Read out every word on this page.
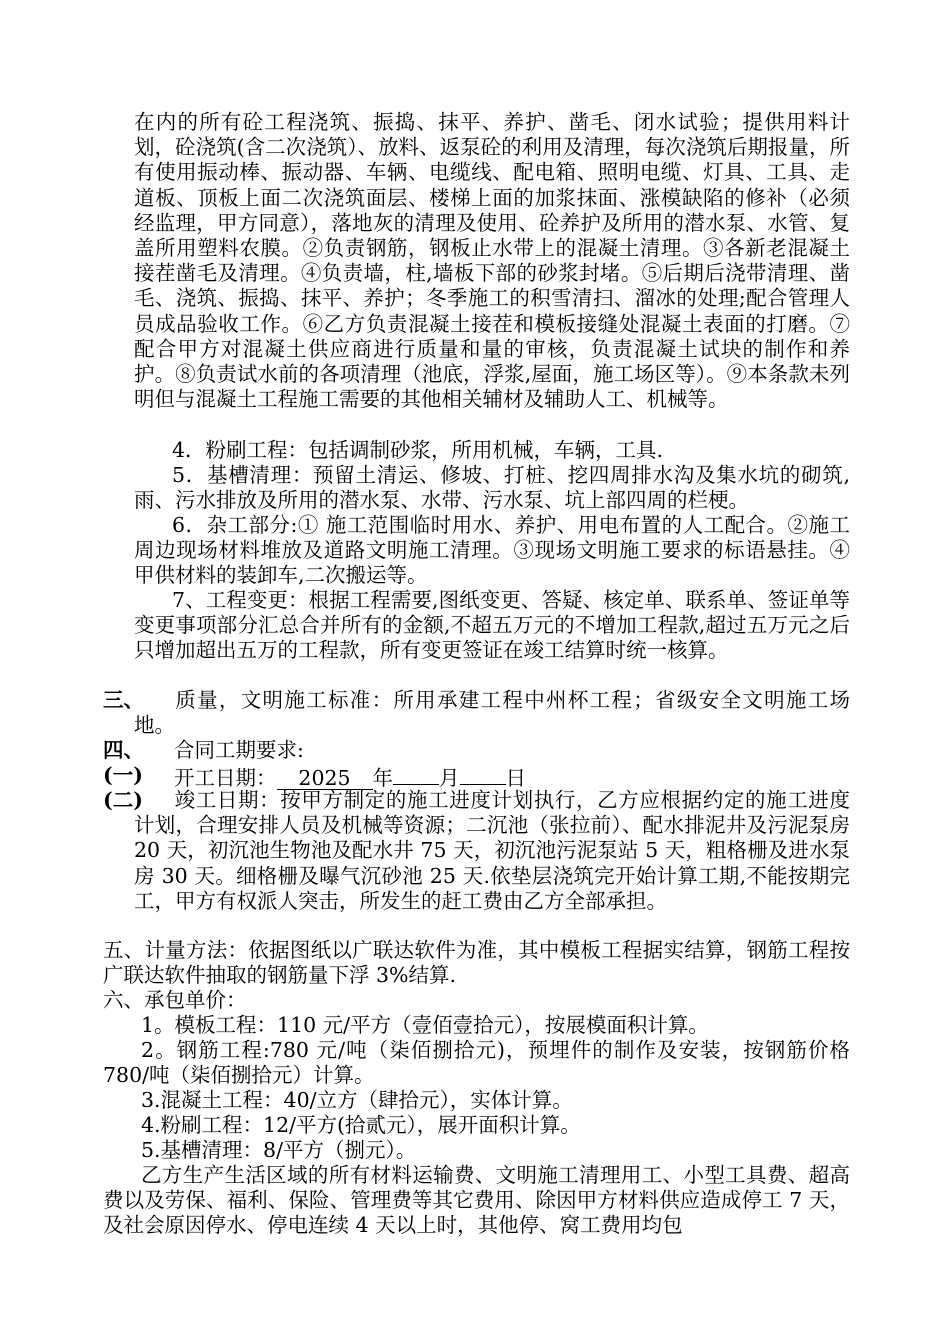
在内的所有砼工程浇筑、振捣、抹平、养护、凿毛、闭水试验；提供用料计划，砼浇筑(含二次浇筑）、放料、返泵砼的利用及清理，每次浇筑后期报量，所有使用振动棒、振动器、车辆、电缆线、配电箱、照明电缆、灯具、工具、走道板、顶板上面二次浇筑面层、楼梯上面的加浆抹面、涨模缺陷的修补（必须经监理，甲方同意），落地灰的清理及使用、砼养护及所用的潜水泵、水管、复盖所用塑料农膜。②负责钢筋，钢板止水带上的混凝土清理。③各新老混凝土接茬凿毛及清理。④负责墙，柱,墙板下部的砂浆封堵。⑤后期后浇带清理、凿毛、浇筑、振捣、抹平、养护；冬季施工的积雪清扫、溜冰的处理;配合管理人员成品验收工作。⑥乙方负责混凝土接茬和模板接缝处混凝土表面的打磨。⑦配合甲方对混凝土供应商进行质量和量的审核，负责混凝土试块的制作和养护。⑧负责试水前的各项清理（池底，浮浆,屋面，施工场区等）。⑨本条款未列明但与混凝土工程施工需要的其他相关辅材及辅助人工、机械等。
4．粉刷工程：包括调制砂浆，所用机械，车辆，工具.
5．基槽清理：预留土清运、修坡、打桩、挖四周排水沟及集水坑的砌筑,雨、污水排放及所用的潜水泵、水带、污水泵、坑上部四周的栏梗。
6．杂工部分:① 施工范围临时用水、养护、用电布置的人工配合。②施工周边现场材料堆放及道路文明施工清理。③现场文明施工要求的标语悬挂。④甲供材料的装卸车,二次搬运等。
7、工程变更：根据工程需要,图纸变更、答疑、核定单、联系单、签证单等变更事项部分汇总合并所有的金额,不超五万元的不增加工程款,超过五万元之后只增加超出五万的工程款，所有变更签证在竣工结算时统一核算。
三、	质量，文明施工标准：所用承建工程中州杯工程；省级安全文明施工场地。
四、	合同工期要求:
(一)	开工日期： 2025 年 月 日
(二)	竣工日期：按甲方制定的施工进度计划执行，乙方应根据约定的施工进度计划，合理安排人员及机械等资源；二沉池（张拉前）、配水排泥井及污泥泵房 20 天，初沉池生物池及配水井 75 天，初沉池污泥泵站 5 天，粗格栅及进水泵房 30 天。细格栅及曝气沉砂池 25 天.依垫层浇筑完开始计算工期,不能按期完工，甲方有权派人突击，所发生的赶工费由乙方全部承担。
五、计量方法：依据图纸以广联达软件为准，其中模板工程据实结算，钢筋工程按广联达软件抽取的钢筋量下浮 3%结算.
六、承包单价：
1。模板工程：110 元/平方（壹佰壹拾元），按展模面积计算。
2。钢筋工程:780 元/吨（柒佰捌拾元)，预埋件的制作及安装，按钢筋价格 780/吨（柒佰捌拾元）计算。
3.混凝土工程：40/立方（肆拾元），实体计算。
4.粉刷工程：12/平方(拾贰元），展开面积计算。
5.基槽清理：8/平方（捌元）。
乙方生产生活区域的所有材料运输费、文明施工清理用工、小型工具费、超高费以及劳保、福利、保险、管理费等其它费用、除因甲方材料供应造成停工 7 天，及社会原因停水、停电连续 4 天以上时，其他停、窝工费用均包
